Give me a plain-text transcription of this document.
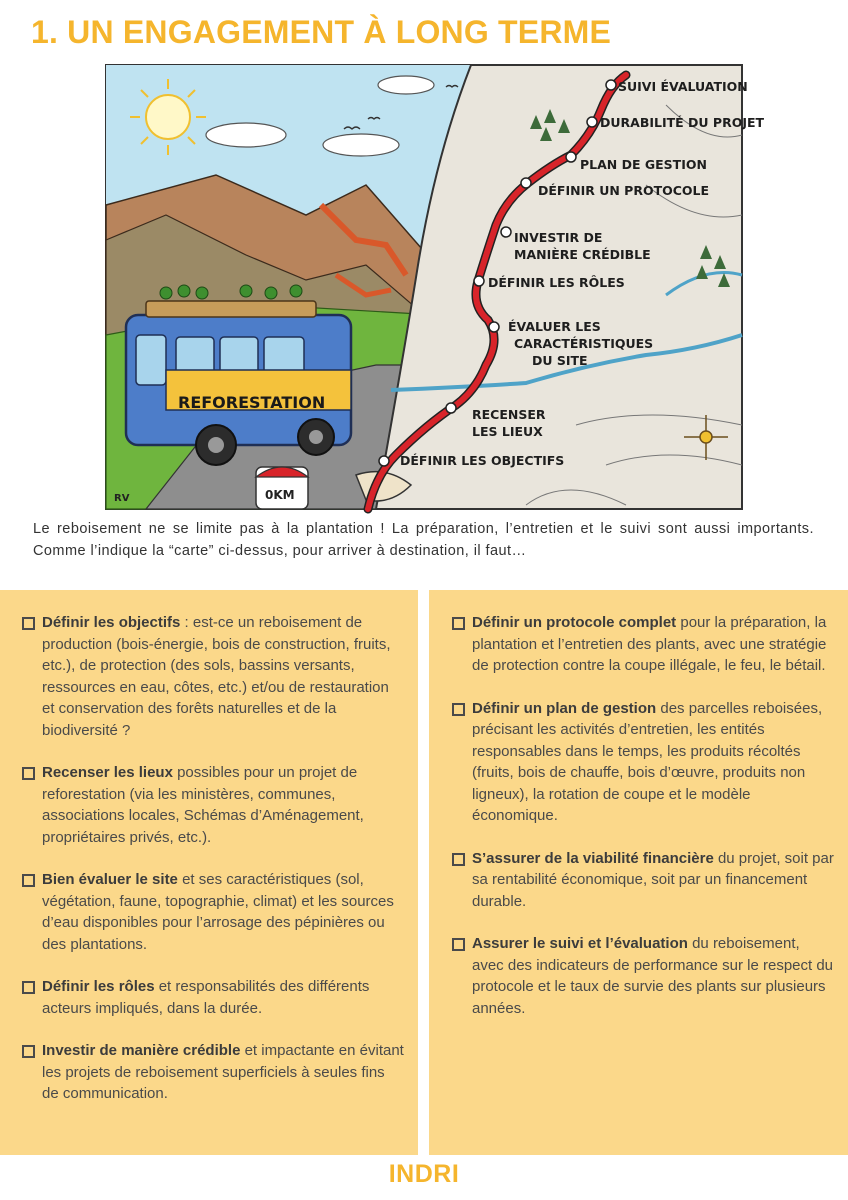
1. UN ENGAGEMENT À LONG TERME
REFORESTATION
0KM
RV
SUIVI ÉVALUATION
DURABILITÉ DU PROJET
PLAN DE GESTION
DÉFINIR UN PROTOCOLE
INVESTIR DE
MANIÈRE CRÉDIBLE
DÉFINIR LES RÔLES
ÉVALUER LES
CARACTÉRISTIQUES
DU SITE
RECENSER
LES LIEUX
DÉFINIR LES OBJECTIFS

Le reboisement ne se limite pas à la plantation ! La préparation, l’entretien et le suivi sont aussi importants. Comme l’indique la “carte” ci-dessus, pour arriver à destination, il faut…

Définir les objectifs : est-ce un reboisement de production (bois-énergie, bois de construction, fruits, etc.), de protection (des sols, bassins versants, ressources en eau, côtes, etc.) et/ou de restauration et conservation des forêts naturelles et de la biodiversité ?
Recenser les lieux possibles pour un projet de reforestation (via les ministères, communes, associations locales, Schémas d’Aménagement, propriétaires privés, etc.).
Bien évaluer le site et ses caractéristiques (sol, végétation, faune, topographie, climat) et les sources d’eau disponibles pour l’arrosage des pépinières ou des plantations.
Définir les rôles et responsabilités des différents acteurs impliqués, dans la durée.
Investir de manière crédible et impactante en évitant les projets de reboisement superficiels à seules fins de communication.
Définir un protocole complet pour la préparation, la plantation et l’entretien des plants, avec une stratégie de protection contre la coupe illégale, le feu, le bétail.
Définir un plan de gestion des parcelles reboisées, précisant les activités d’entretien, les entités responsables dans le temps, les produits récoltés (fruits, bois de chauffe, bois d’œuvre, produits non ligneux), la rotation de coupe et le modèle économique.
S’assurer de la viabilité financière du projet, soit par sa rentabilité économique, soit par un financement durable.
Assurer le suivi et l’évaluation du reboisement, avec des indicateurs de performance sur le respect du protocole et le taux de survie des plants sur plusieurs années.

INDRI
